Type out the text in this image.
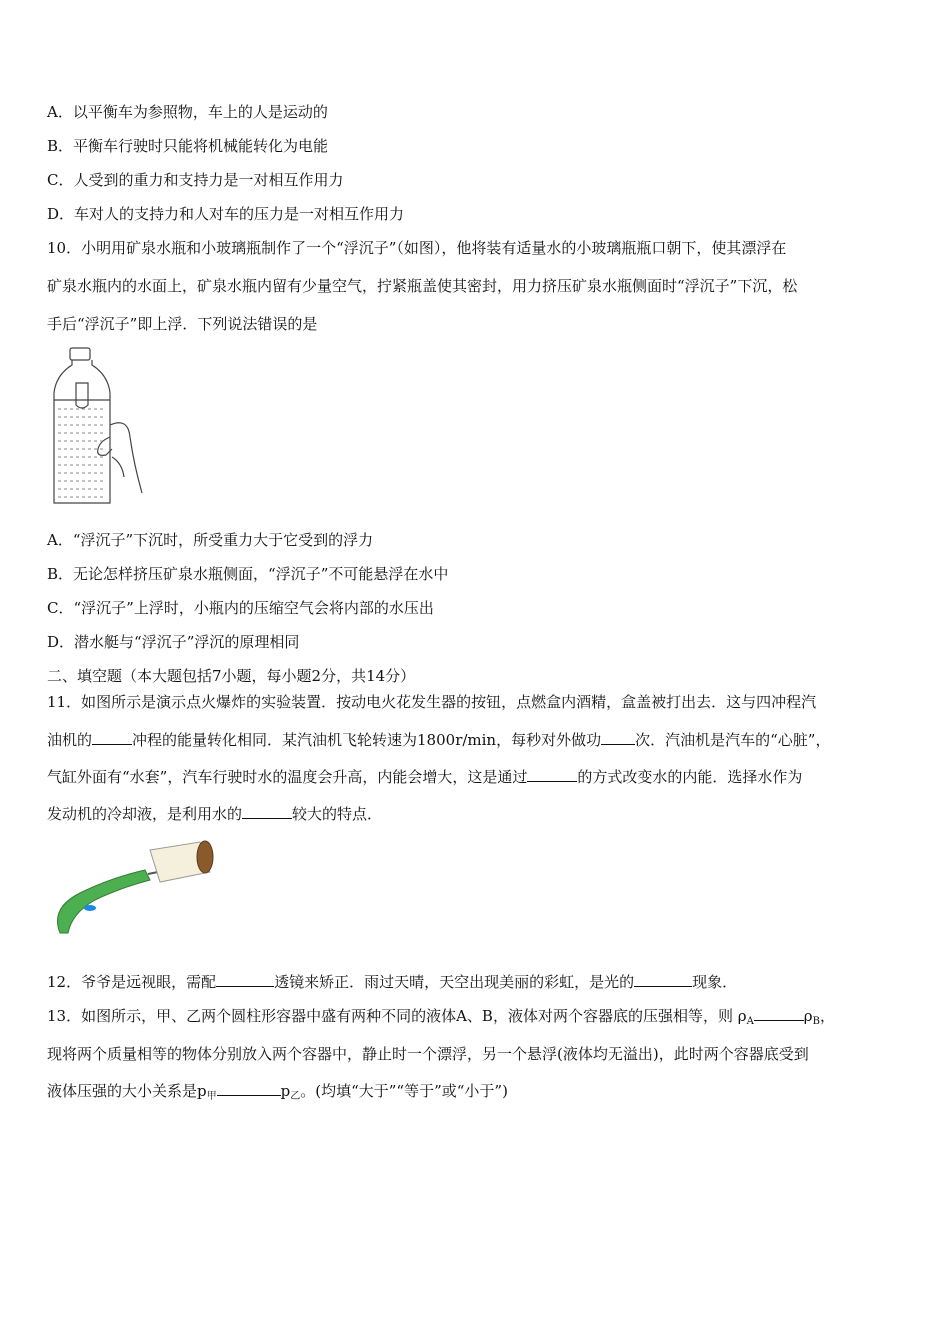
A．以平衡车为参照物，车上的人是运动的
B．平衡车行驶时只能将机械能转化为电能
C．人受到的重力和支持力是一对相互作用力
D．车对人的支持力和人对车的压力是一对相互作用力
10．小明用矿泉水瓶和小玻璃瓶制作了一个“浮沉子”（如图），他将装有适量水的小玻璃瓶瓶口朝下，使其漂浮在
矿泉水瓶内的水面上，矿泉水瓶内留有少量空气，拧紧瓶盖使其密封，用力挤压矿泉水瓶侧面时“浮沉子”下沉，松
手后“浮沉子”即上浮．下列说法错误的是
A．“浮沉子”下沉时，所受重力大于它受到的浮力
B．无论怎样挤压矿泉水瓶侧面，“浮沉子”不可能悬浮在水中
C．“浮沉子”上浮时，小瓶内的压缩空气会将内部的水压出
D．潜水艇与“浮沉子”浮沉的原理相同
二、填空题（本大题包括7小题，每小题2分，共14分）
11．如图所示是演示点火爆炸的实验装置．按动电火花发生器的按钮，点燃盒内酒精，盒盖被打出去．这与四冲程汽
油机的	冲程的能量转化相同．某汽油机飞轮转速为1800r/min，每秒对外做功 次．汽油机是汽车的“心脏”，
气缸外面有“水套”，汽车行驶时水的温度会升高，内能会增大，这是通过	的方式改变水的内能．选择水作为
发动机的冷却液，是利用水的	较大的特点．
12．爷爷是远视眼，需配	透镜来矫正．雨过天晴，天空出现美丽的彩虹，是光的	现象．
13．如图所示，甲、乙两个圆柱形容器中盛有两种不同的液体A、B，液体对两个容器底的压强相等，则 $\rho_A$	$\rho_B$，
现将两个质量相等的物体分别放入两个容器中，静止时一个漂浮，另一个悬浮(液体均无溢出)，此时两个容器底受到
液体压强的大小关系是$p_甲$	$p_乙$。(均填“大于”“等于”或“小于”)
